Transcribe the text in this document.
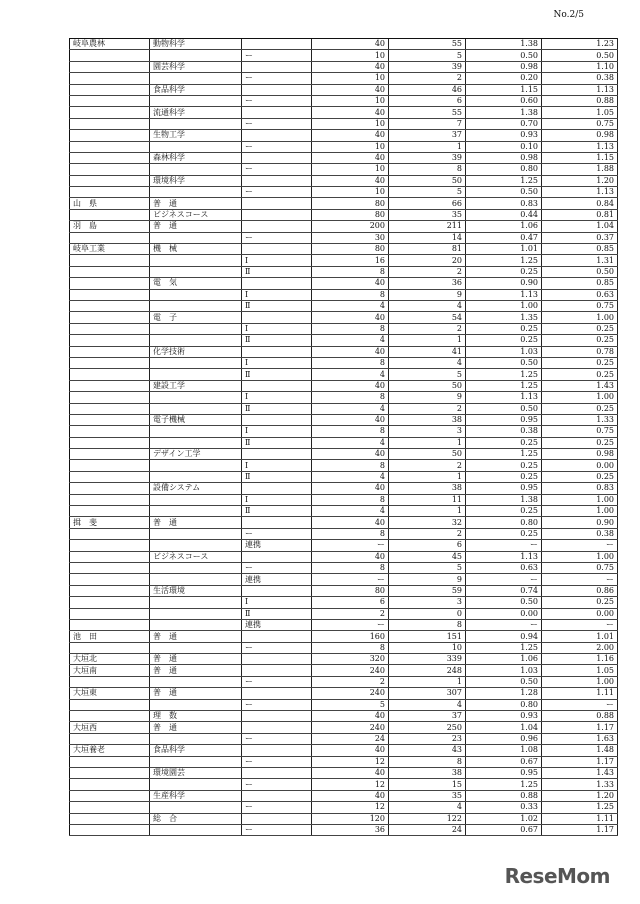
No.2/5
岐阜農林	動物科学		40	55	1.38	1.23
		ー	10	5	0.50	0.50
	園芸科学		40	39	0.98	1.10
		ー	10	2	0.20	0.38
	食品科学		40	46	1.15	1.13
		ー	10	6	0.60	0.88
	流通科学		40	55	1.38	1.05
		ー	10	7	0.70	0.75
	生物工学		40	37	0.93	0.98
		ー	10	1	0.10	1.13
	森林科学		40	39	0.98	1.15
		ー	10	8	0.80	1.88
	環境科学		40	50	1.25	1.20
		ー	10	5	0.50	1.13
山　県	普　通		80	66	0.83	0.84
	ビジネスコース		80	35	0.44	0.81
羽　島	普　通		200	211	1.06	1.04
		ー	30	14	0.47	0.37
岐阜工業	機　械		80	81	1.01	0.85
		Ⅰ	16	20	1.25	1.31
		Ⅱ	8	2	0.25	0.50
	電　気		40	36	0.90	0.85
		Ⅰ	8	9	1.13	0.63
		Ⅱ	4	4	1.00	0.75
	電　子		40	54	1.35	1.00
		Ⅰ	8	2	0.25	0.25
		Ⅱ	4	1	0.25	0.25
	化学技術		40	41	1.03	0.78
		Ⅰ	8	4	0.50	0.25
		Ⅱ	4	5	1.25	0.25
	建設工学		40	50	1.25	1.43
		Ⅰ	8	9	1.13	1.00
		Ⅱ	4	2	0.50	0.25
	電子機械		40	38	0.95	1.33
		Ⅰ	8	3	0.38	0.75
		Ⅱ	4	1	0.25	0.25
	デザイン工学		40	50	1.25	0.98
		Ⅰ	8	2	0.25	0.00
		Ⅱ	4	1	0.25	0.25
	設備システム		40	38	0.95	0.83
		Ⅰ	8	11	1.38	1.00
		Ⅱ	4	1	0.25	1.00
揖　斐	普　通		40	32	0.80	0.90
		ー	8	2	0.25	0.38
		連携	ー	6	ー	ー
	ビジネスコース		40	45	1.13	1.00
		ー	8	5	0.63	0.75
		連携	ー	9	ー	ー
	生活環境		80	59	0.74	0.86
		Ⅰ	6	3	0.50	0.25
		Ⅱ	2	0	0.00	0.00
		連携	ー	8	ー	ー
池　田	普　通		160	151	0.94	1.01
		ー	8	10	1.25	2.00
大垣北	普　通		320	339	1.06	1.16
大垣南	普　通		240	248	1.03	1.05
		ー	2	1	0.50	1.00
大垣東	普　通		240	307	1.28	1.11
		ー	5	4	0.80	ー
	理　数		40	37	0.93	0.88
大垣西	普　通		240	250	1.04	1.17
		ー	24	23	0.96	1.63
大垣養老	食品科学		40	43	1.08	1.48
		ー	12	8	0.67	1.17
	環境園芸		40	38	0.95	1.43
		ー	12	15	1.25	1.33
	生産科学		40	35	0.88	1.20
		ー	12	4	0.33	1.25
	総　合		120	122	1.02	1.11
		ー	36	24	0.67	1.17
ReseMom
